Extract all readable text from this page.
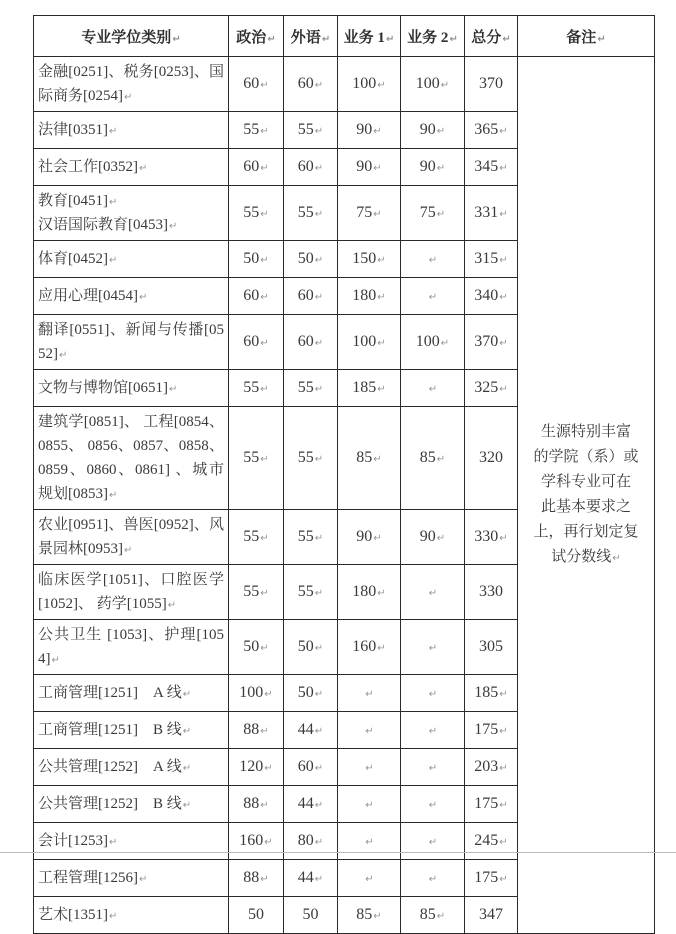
专业学位类别↵	政治↵	外语↵	业务 1↵	业务 2↵	总分↵	备注↵
金融[0251]、税务[0253]、国际商务[0254]↵	60↵	60↵	100↵	100↵	370	
生源特别丰富
的学院（系）或
学科专业可在
此基本要求之
上，再行划定复
试分数线↵

法律[0351]↵	55↵	55↵	90↵	90↵	365↵	
社会工作[0352]↵	60↵	60↵	90↵	90↵	345↵	
教育[0451]↵
汉语国际教育[0453]↵	55↵	55↵	75↵	75↵	331↵	
体育[0452]↵	50↵	50↵	150↵	↵	315↵	
应用心理[0454]↵	60↵	60↵	180↵	↵	340↵	
翻译[0551]、新闻与传播[0552]↵	60↵	60↵	100↵	100↵	370↵	
文物与博物馆[0651]↵	55↵	55↵	185↵	↵	325↵	
建筑学[0851]、 工程[0854、 0855、 0856、0857、0858、0859、0860、0861] 、城市规划[0853]↵	55↵	55↵	85↵	85↵	320	
农业[0951]、兽医[0952]、风景园林[0953]↵	55↵	55↵	90↵	90↵	330↵	
临床医学[1051]、口腔医学[1052]、 药学[1055]↵	55↵	55↵	180↵	↵	330	
公共卫生 [1053]、护理[1054]↵	50↵	50↵	160↵	↵	305	
工商管理[1251]　A 线↵	100↵	50↵	↵	↵	185↵	
工商管理[1251]　B 线↵	88↵	44↵	↵	↵	175↵	
公共管理[1252]　A 线↵	120↵	60↵	↵	↵	203↵	
公共管理[1252]　B 线↵	88↵	44↵	↵	↵	175↵	
会计[1253]↵	160↵	80↵	↵	↵	245↵	
工程管理[1256]↵	88↵	44↵	↵	↵	175↵	
艺术[1351]↵	50	50	85↵	85↵	347	
